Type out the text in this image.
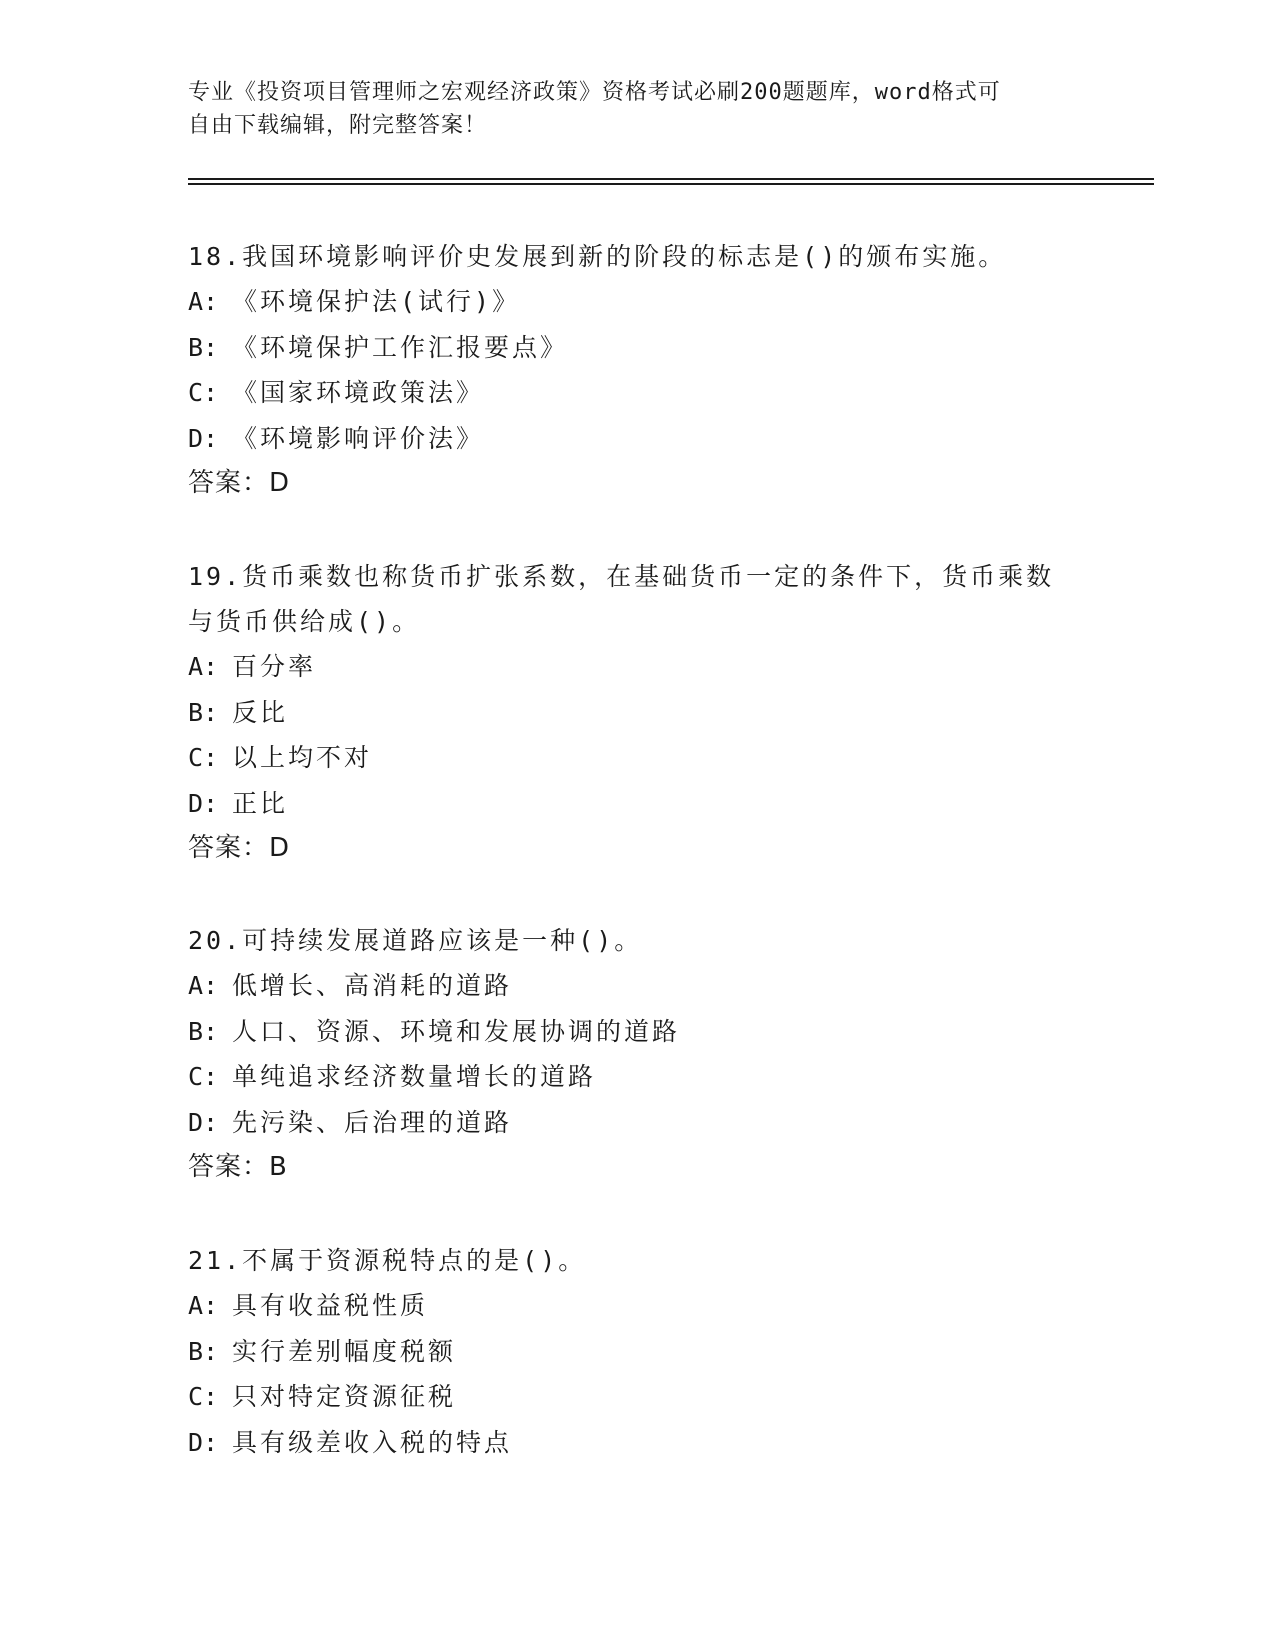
专业《投资项目管理师之宏观经济政策》资格考试必刷200题题库，word格式可
自由下载编辑，附完整答案！
18.我国环境影响评价史发展到新的阶段的标志是()的颁布实施。
A: 《环境保护法(试行)》
B: 《环境保护工作汇报要点》
C: 《国家环境政策法》
D: 《环境影响评价法》
答案：D
19.货币乘数也称货币扩张系数，在基础货币一定的条件下，货币乘数
与货币供给成()。
A: 百分率
B: 反比
C: 以上均不对
D: 正比
答案：D
20.可持续发展道路应该是一种()。
A: 低增长、高消耗的道路
B: 人口、资源、环境和发展协调的道路
C: 单纯追求经济数量增长的道路
D: 先污染、后治理的道路
答案：B
21.不属于资源税特点的是()。
A: 具有收益税性质
B: 实行差别幅度税额
C: 只对特定资源征税
D: 具有级差收入税的特点
